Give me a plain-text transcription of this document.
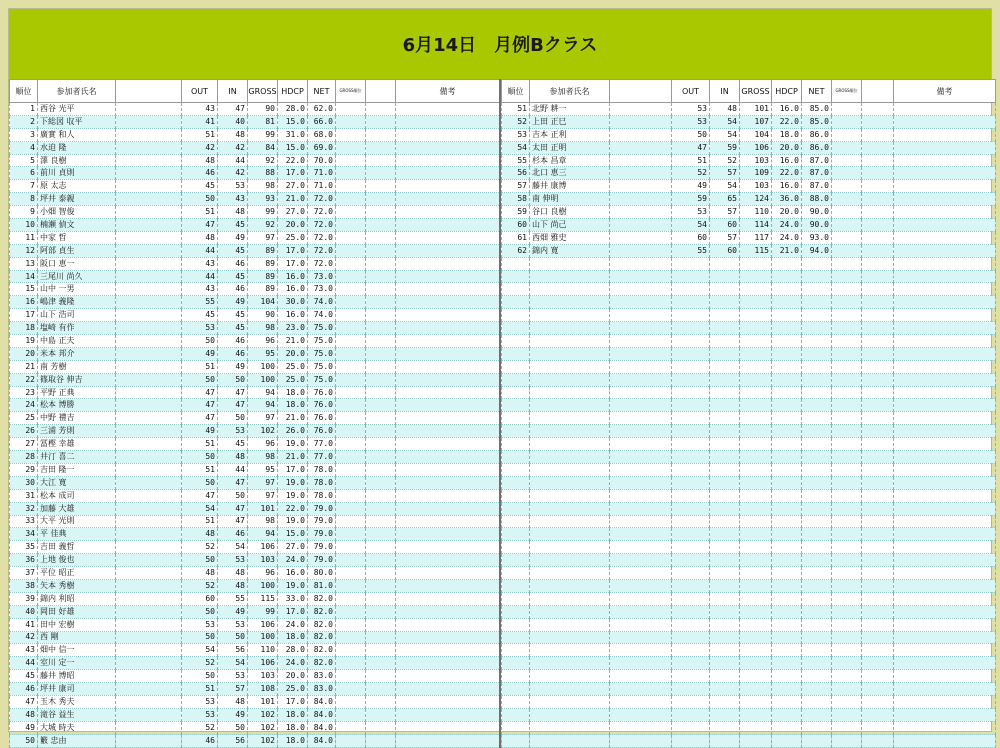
6月14日　月例Bクラス
順位	参加者氏名		OUT	IN	GROSS	HDCP	NET	GROSS順位		備考
1	西谷 光平		43	47	90	28.0	62.0			
2	下総図 収平		41	40	81	15.0	66.0			
3	廣實 和人		51	48	99	31.0	68.0			
4	水迫 隆		42	42	84	15.0	69.0			
5	澤 良樹		48	44	92	22.0	70.0			
6	前川 貞則		46	42	88	17.0	71.0			
7	原 太志		45	53	98	27.0	71.0			
8	坪井 泰親		50	43	93	21.0	72.0			
9	小畑 智俊		51	48	99	27.0	72.0			
10	楠瀬 偵文		47	45	92	20.0	72.0			
11	中家 哲		48	49	97	25.0	72.0			
12	阿部 貞生		44	45	89	17.0	72.0			
13	阪口 恵一		43	46	89	17.0	72.0			
14	三尾川 尚久		44	45	89	16.0	73.0			
15	山中 一男		43	46	89	16.0	73.0			
16	嶋津 義隆		55	49	104	30.0	74.0			
17	山下 浩司		45	45	90	16.0	74.0			
18	塩崎 有作		53	45	98	23.0	75.0			
19	中島 正夫		50	46	96	21.0	75.0			
20	米本 邦介		49	46	95	20.0	75.0			
21	南 芳樹		51	49	100	25.0	75.0			
22	篠取谷 伸吉		50	50	100	25.0	75.0			
23	平野 正典		47	47	94	18.0	76.0			
24	松本 博勝		47	47	94	18.0	76.0			
25	中野 禮吉		47	50	97	21.0	76.0			
26	三浦 芳則		49	53	102	26.0	76.0			
27	冨樫 幸雄		51	45	96	19.0	77.0			
28	井汀 喜二		50	48	98	21.0	77.0			
29	吉田 隆一		51	44	95	17.0	78.0			
30	大江 寛		50	47	97	19.0	78.0			
31	松本 成司		47	50	97	19.0	78.0			
32	加藤 大雄		54	47	101	22.0	79.0			
33	大平 光則		51	47	98	19.0	79.0			
34	平 佳典		48	46	94	15.0	79.0			
35	吉田 義哲		52	54	106	27.0	79.0			
36	上地 俊也		50	53	103	24.0	79.0			
37	平位 昭正		48	48	96	16.0	80.0			
38	矢本 秀樹		52	48	100	19.0	81.0			
39	錦内 利昭		60	55	115	33.0	82.0			
40	岡田 好雄		50	49	99	17.0	82.0			
41	田中 宏樹		53	53	106	24.0	82.0			
42	西 剛		50	50	100	18.0	82.0			
43	畑中 信一		54	56	110	28.0	82.0			
44	室川 定一		52	54	106	24.0	82.0			
45	藤井 博昭		50	53	103	20.0	83.0			
46	坪井 康司		51	57	108	25.0	83.0			
47	玉木 秀夫		53	48	101	17.0	84.0			
48	滝谷 益生		53	49	102	18.0	84.0			
49	大城 時夫		52	50	102	18.0	84.0			
50	籔 忠由		46	56	102	18.0	84.0			
順位	参加者氏名		OUT	IN	GROSS	HDCP	NET	GROSS順位		備考
51	北野 耕一		53	48	101	16.0	85.0			
52	上田 正巳		53	54	107	22.0	85.0			
53	吉本 正利		50	54	104	18.0	86.0			
54	太田 正明		47	59	106	20.0	86.0			
55	杉本 昌章		51	52	103	16.0	87.0			
56	北口 恵三		52	57	109	22.0	87.0			
57	藤井 康博		49	54	103	16.0	87.0			
58	南 伸明		59	65	124	36.0	88.0			
59	谷口 良樹		53	57	110	20.0	90.0			
60	山下 尚己		54	60	114	24.0	90.0			
61	西畑 雅史		60	57	117	24.0	93.0			
62	錦内 寛		55	60	115	21.0	94.0			
